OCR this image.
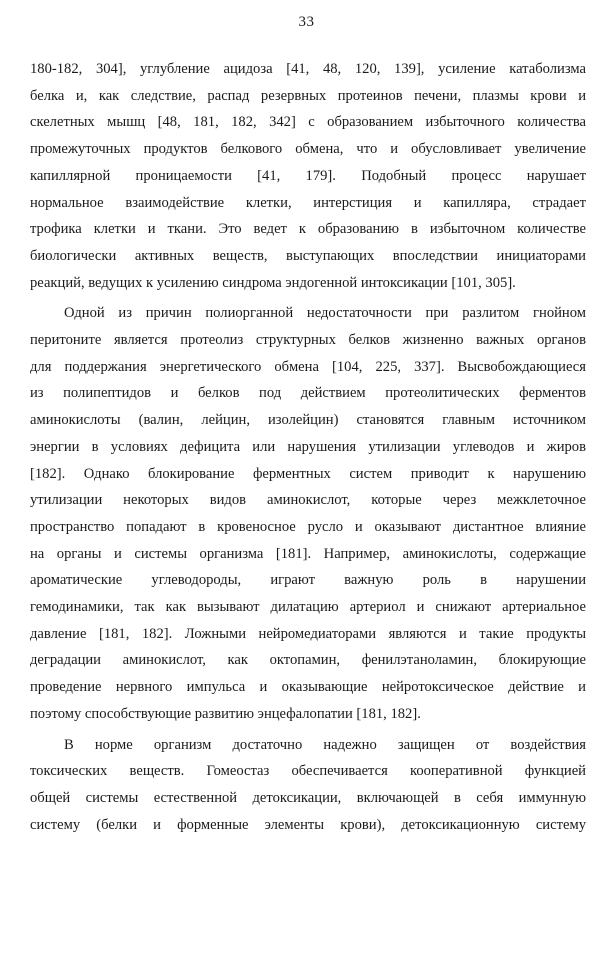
33

180-182, 304], углубление ацидоза [41, 48, 120, 139], усиление катаболизма
белка и, как следствие, распад резервных протеинов печени, плазмы крови и
скелетных мышц [48, 181, 182, 342] с образованием избыточного количества
промежуточных продуктов белкового обмена, что и обусловливает увеличение
капиллярной проницаемости [41, 179]. Подобный процесс нарушает
нормальное взаимодействие клетки, интерстиция и капилляра, страдает
трофика клетки и ткани. Это ведет к образованию в избыточном количестве
биологически активных веществ, выступающих впоследствии инициаторами
реакций, ведущих к усилению синдрома эндогенной интоксикации [101, 305].

Одной из причин полиорганной недостаточности при разлитом гнойном
перитоните является протеолиз структурных белков жизненно важных органов
для поддержания энергетического обмена [104, 225, 337]. Высвобождающиеся
из полипептидов и белков под действием протеолитических ферментов
аминокислоты (валин, лейцин, изолейцин) становятся главным источником
энергии в условиях дефицита или нарушения утилизации углеводов и жиров
[182]. Однако блокирование ферментных систем приводит к нарушению
утилизации некоторых видов аминокислот, которые через межклеточное
пространство попадают в кровеносное русло и оказывают дистантное влияние
на органы и системы организма [181]. Например, аминокислоты, содержащие
ароматические углеводороды, играют важную роль в нарушении
гемодинамики, так как вызывают дилатацию артериол и снижают артериальное
давление [181, 182]. Ложными нейромедиаторами являются и такие продукты
деградации аминокислот, как октопамин, фенилэтаноламин, блокирующие
проведение нервного импульса и оказывающие нейротоксическое действие и
поэтому способствующие развитию энцефалопатии [181, 182].

В норме организм достаточно надежно защищен от воздействия
токсических веществ. Гомеостаз обеспечивается кооперативной функцией
общей системы естественной детоксикации, включающей в себя иммунную
систему (белки и форменные элементы крови), детоксикационную систему
